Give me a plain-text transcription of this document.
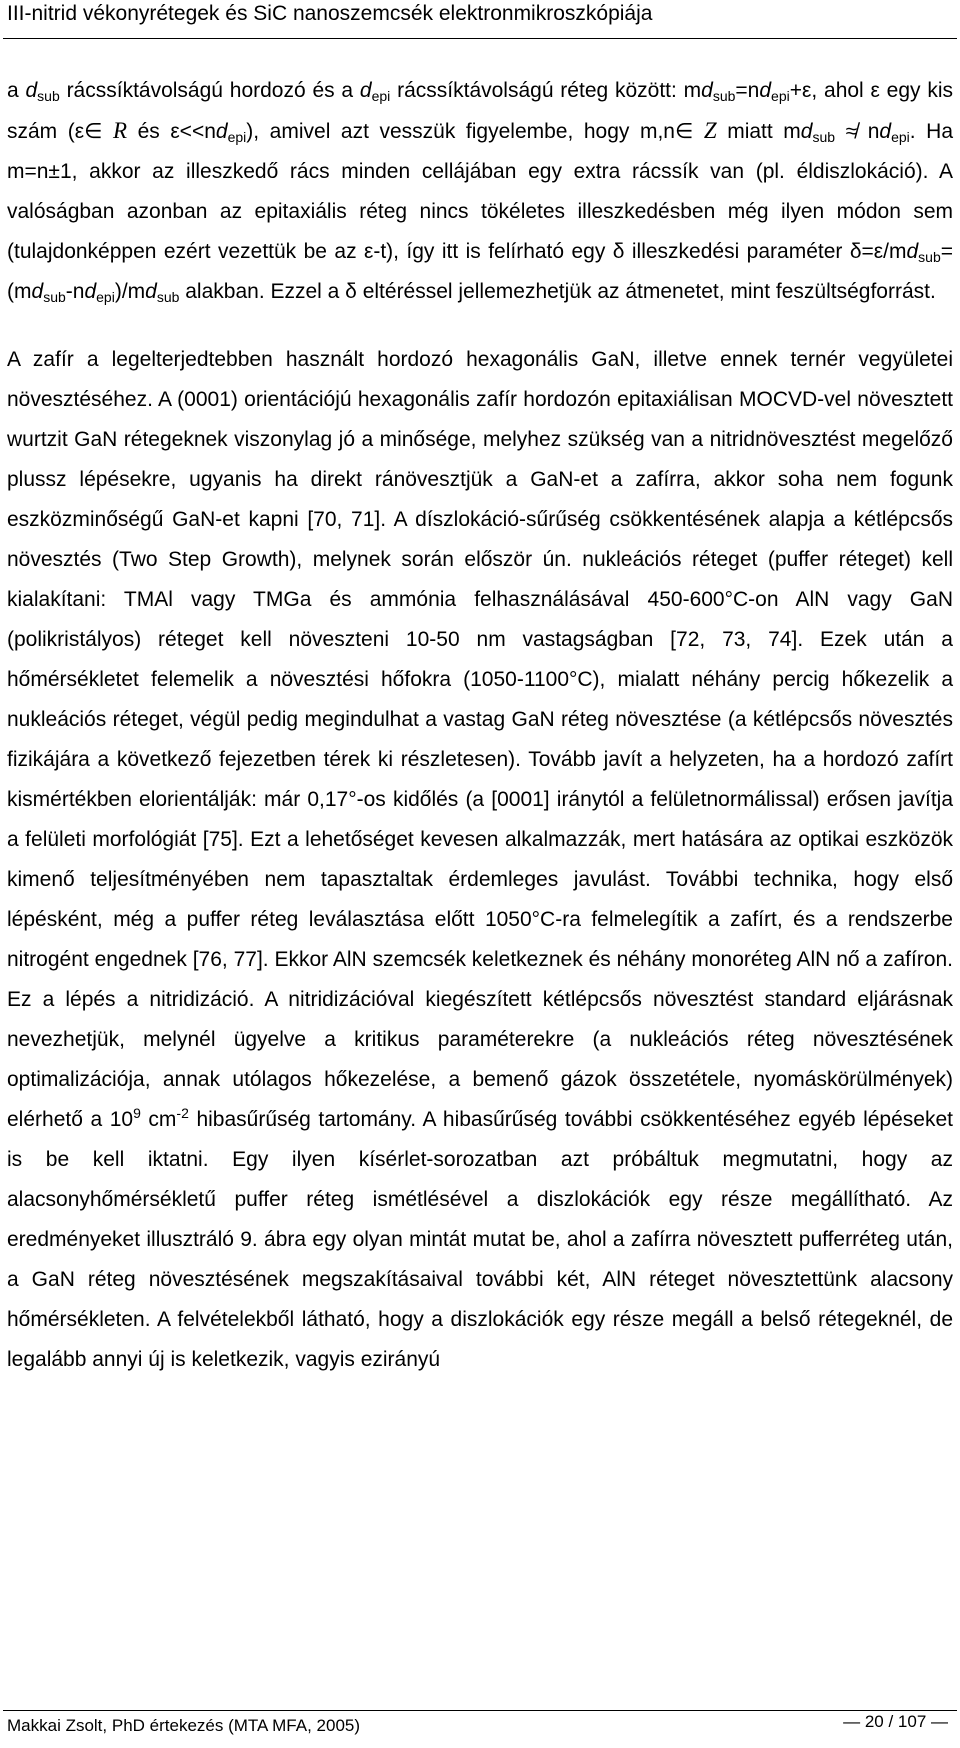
III-nitrid vékonyrétegek és SiC nanoszemcsék elektronmikroszkópiája

a $d_{sub}$ rácssíktávolságú hordozó és a $d_{epi}$ rácssíktávolságú réteg között: $md_{sub}=nd_{epi}+\varepsilon$, ahol ε egy kis szám (ε∈ R és $\varepsilon<<nd_{epi}$), amivel azt vesszük figyelembe, hogy m,n∈ Z miatt $md_{sub}$ ≉ $nd_{epi}$. Ha m=n±1, akkor az illeszkedő rács minden cellájában egy extra rácssík van (pl. éldiszlokáció). A valóságban azonban az epitaxiális réteg nincs tökéletes illeszkedésben még ilyen módon sem (tulajdonképpen ezért vezettük be az ε-t), így itt is felírható egy δ illeszkedési paraméter $\delta=\varepsilon/md_{sub}=(md_{sub}-nd_{epi})/md_{sub}$ alakban. Ezzel a δ eltéréssel jellemezhetjük az átmenetet, mint feszültségforrást.

A zafír a legelterjedtebben használt hordozó hexagonális GaN, illetve ennek ternér vegyületei növesztéséhez. A (0001) orientációjú hexagonális zafír hordozón epitaxiálisan MOCVD-vel növesztett wurtzit GaN rétegeknek viszonylag jó a minősége, melyhez szükség van a nitridnövesztést megelőző plussz lépésekre, ugyanis ha direkt ránövesztjük a GaN-et a zafírra, akkor soha nem fogunk eszközminőségű GaN-et kapni [70, 71]. A díszlokáció-sűrűség csökkentésének alapja a kétlépcsős növesztés (Two Step Growth), melynek során először ún. nukleációs réteget (puffer réteget) kell kialakítani: TMAl vagy TMGa és ammónia felhasználásával 450-600°C-on AlN vagy GaN (polikristályos) réteget kell növeszteni 10-50 nm vastagságban [72, 73, 74]. Ezek után a hőmérsékletet felemelik a növesztési hőfokra (1050-1100°C), mialatt néhány percig hőkezelik a nukleációs réteget, végül pedig megindulhat a vastag GaN réteg növesztése (a kétlépcsős növesztés fizikájára a következő fejezetben térek ki részletesen). Tovább javít a helyzeten, ha a hordozó zafírt kismértékben elorientálják: már 0,17°-os kidőlés (a [0001] iránytól a felületnormálissal) erősen javítja a felületi morfológiát [75]. Ezt a lehetőséget kevesen alkalmazzák, mert hatására az optikai eszközök kimenő teljesítményében nem tapasztaltak érdemleges javulást. További technika, hogy első lépésként, még a puffer réteg leválasztása előtt 1050°C-ra felmelegítik a zafírt, és a rendszerbe nitrogént engednek [76, 77]. Ekkor AlN szemcsék keletkeznek és néhány monoréteg AlN nő a zafíron. Ez a lépés a nitridizáció. A nitridizációval kiegészített kétlépcsős növesztést standard eljárásnak nevezhetjük, melynél ügyelve a kritikus paraméterekre (a nukleációs réteg növesztésének optimalizációja, annak utólagos hőkezelése, a bemenő gázok összetétele, nyomáskörülmények) elérhető a $10^9$ $cm^{-2}$ hibasűrűség tartomány. A hibasűrűség további csökkentéséhez egyéb lépéseket is be kell iktatni. Egy ilyen kísérlet-sorozatban azt próbáltuk megmutatni, hogy az alacsonyhőmérsékletű puffer réteg ismétlésével a diszlokációk egy része megállítható. Az eredményeket illusztráló 9. ábra egy olyan mintát mutat be, ahol a zafírra növesztett pufferréteg után, a GaN réteg növesztésének megszakításaival további két, AlN réteget növesztettünk alacsony hőmérsékleten. A felvételekből látható, hogy a diszlokációk egy része megáll a belső rétegeknél, de legalább annyi új is keletkezik, vagyis ezirányú

Makkai Zsolt, PhD értekezés (MTA MFA, 2005)	— 20 / 107 —
